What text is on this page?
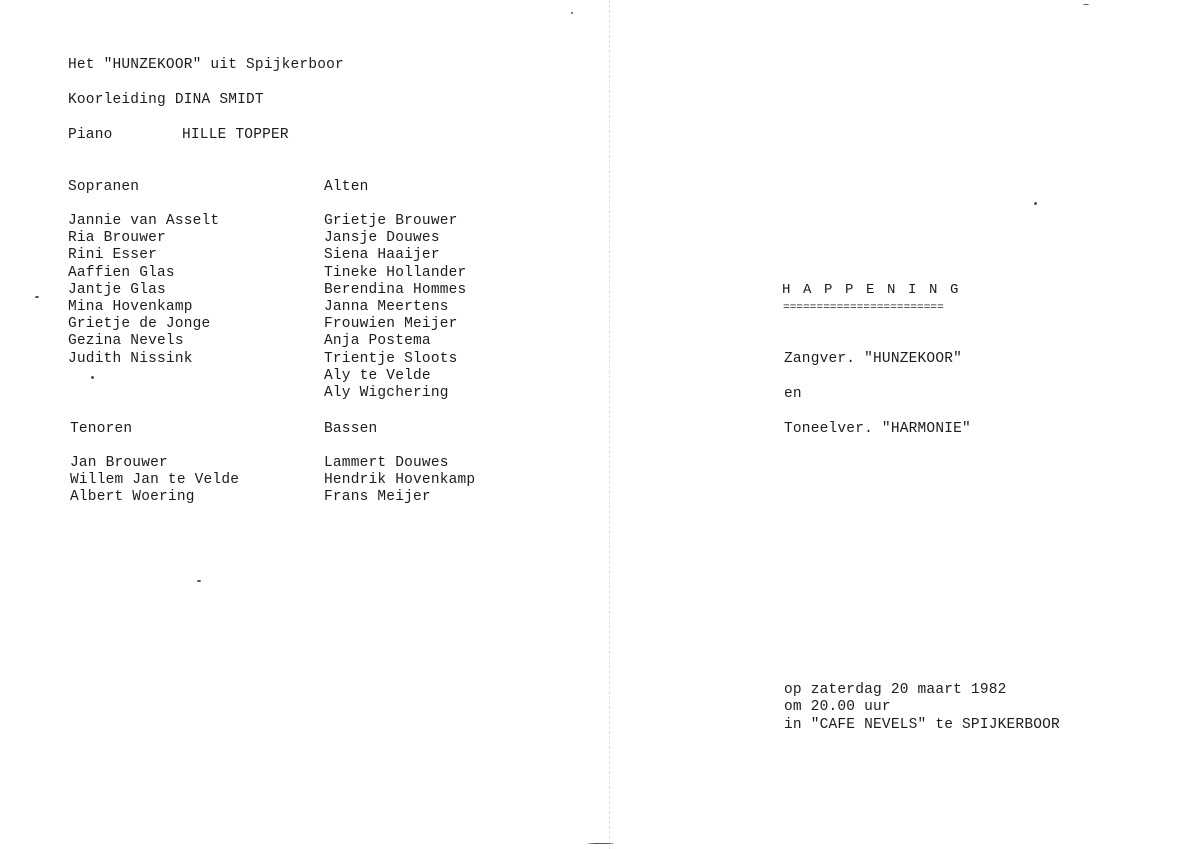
Het "HUNZEKOOR" uit Spijkerboor
Koorleiding DINA SMIDT
Piano	HILLE TOPPER
Sopranen
Jannie van Asselt
Ria Brouwer
Rini Esser
Aaffien Glas
Jantje Glas
Mina Hovenkamp
Grietje de Jonge
Gezina Nevels
Judith Nissink
Alten
Grietje Brouwer
Jansje Douwes
Siena Haaijer
Tineke Hollander
Berendina Hommes
Janna Meertens
Frouwien Meijer
Anja Postema
Trientje Sloots
Aly te Velde
Aly Wigchering
Tenoren
Jan Brouwer
Willem Jan te Velde
Albert Woering
Bassen
Lammert Douwes
Hendrik Hovenkamp
Frans Meijer
HAPPENING
========================
Zangver. "HUNZEKOOR"
en
Toneelver. "HARMONIE"
op zaterdag 20 maart 1982
om 20.00 uur
in "CAFE NEVELS" te SPIJKERBOOR
